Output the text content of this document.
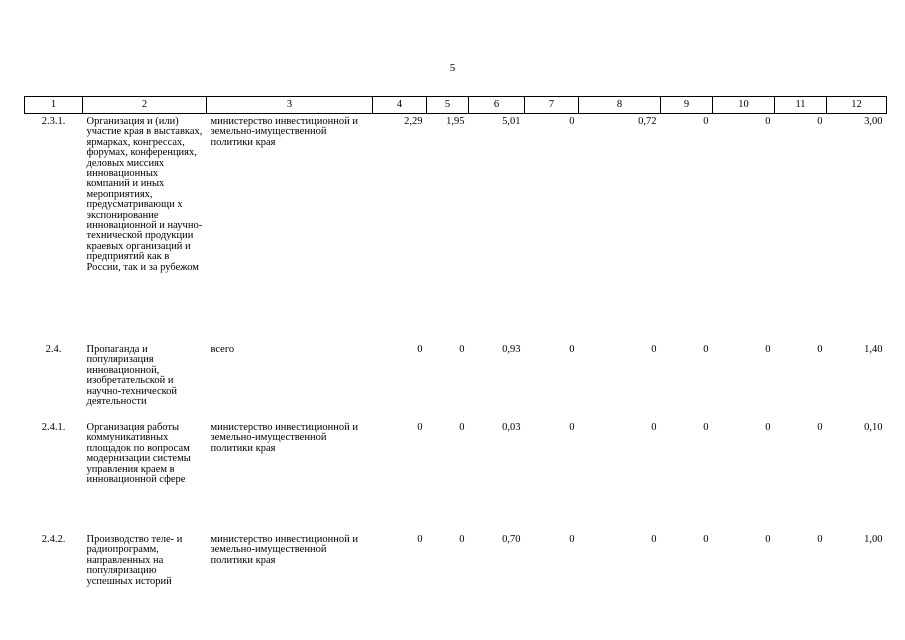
5
1	2	3	4	5	6	7	8	9	10	11	12
2.3.1.	Организация и (или) участие края в выставках, ярмарках, конгрессах, форумах, конференциях, деловых миссиях инновационных компаний и иных мероприятиях, предусматривающи х экспонирование инновационной и научно-технической продукции краевых организаций и предприятий как в России, так и за рубежом	министерство инвестиционной и земельно-имущественной политики края	2,29	1,95	5,01	0	0,72	0	0	0	3,00
2.4.	Пропаганда и популяризация инновационной, изобретательской и научно-технической деятельности	всего	0	0	0,93	0	0	0	0	0	1,40
2.4.1.	Организация работы коммуникативных площадок по вопросам модернизации системы управления краем в инновационной сфере	министерство инвестиционной и земельно-имущественной политики края	0	0	0,03	0	0	0	0	0	0,10
2.4.2.	Производство теле- и радиопрограмм, направленных на популяризацию успешных историй	министерство инвестиционной и земельно-имущественной политики края	0	0	0,70	0	0	0	0	0	1,00
